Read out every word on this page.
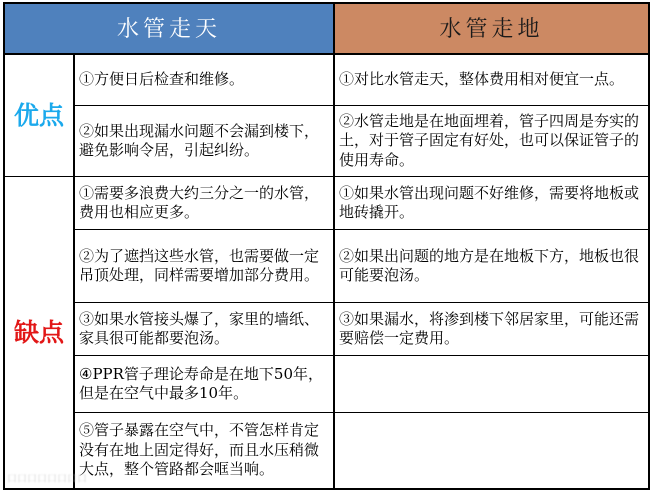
水管走天	水管走地
优点
缺点
①方便日后检查和维修。	①对比水管走天，整体费用相对便宜一点。
②如果出现漏水问题不会漏到楼下，避免影响令居，引起纠纷。
②水管走地是在地面埋着，管子四周是夯实的土，对于管子固定有好处，也可以保证管子的使用寿命。
①需要多浪费大约三分之一的水管，费用也相应更多。
①如果水管出现问题不好维修，需要将地板或地砖撬开。
②为了遮挡这些水管，也需要做一定吊顶处理，同样需要增加部分费用。
②如果出问题的地方是在地板下方，地板也很可能要泡汤。
③如果水管接头爆了，家里的墙纸、家具很可能都要泡汤。
③如果漏水，将渗到楼下邻居家里，可能还需要赔偿一定费用。
④PPR管子理论寿命是在地下50年，但是在空气中最多10年。
⑤管子暴露在空气中，不管怎样肯定没有在地上固定得好，而且水压稍微大点，整个管路都会哐当响。
口口口口口口口口
